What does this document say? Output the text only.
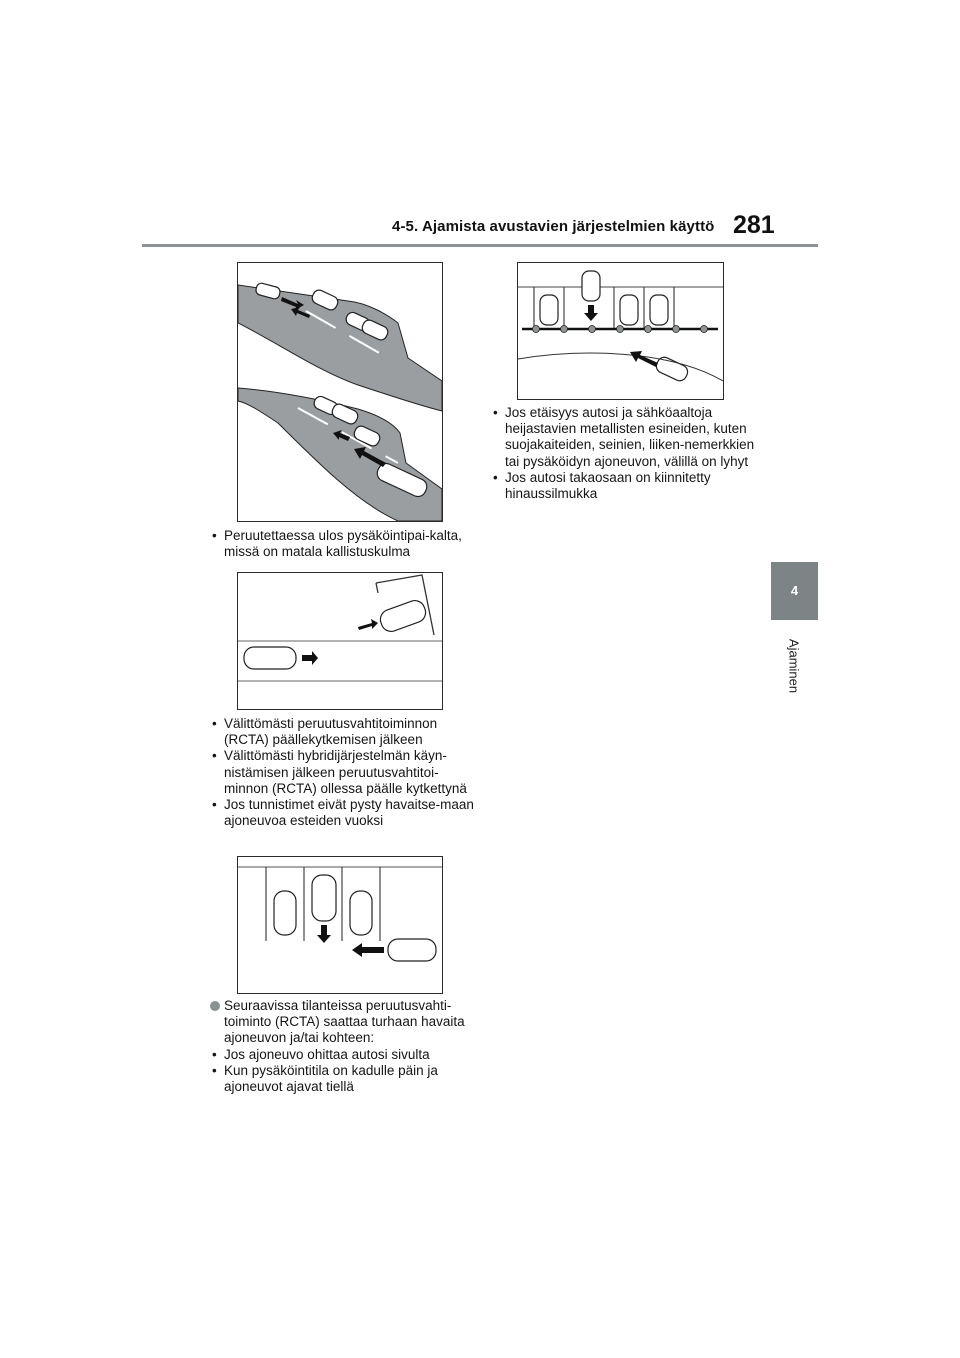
4-5. Ajamista avustavien järjestelmien käyttö 281
4
Ajaminen
• Peruutettaessa ulos pysäköintipai-kalta, missä on matala kallistuskulma
• Välittömästi peruutusvahtitoiminnon (RCTA) päällekytkemisen jälkeen
• Välittömästi hybridijärjestelmän käyn-nistämisen jälkeen peruutusvahtitoi-minnon (RCTA) ollessa päälle kytkettynä
• Jos tunnistimet eivät pysty havaitse-maan ajoneuvoa esteiden vuoksi
Seuraavissa tilanteissa peruutusvahti-toiminto (RCTA) saattaa turhaan havaita ajoneuvon ja/tai kohteen:
• Jos ajoneuvo ohittaa autosi sivulta
• Kun pysäköintitila on kadulle päin ja ajoneuvot ajavat tiellä
• Jos etäisyys autosi ja sähköaaltoja heijastavien metallisten esineiden, kuten suojakaiteiden, seinien, liiken-nemerkkien tai pysäköidyn ajoneuvon, välillä on lyhyt
• Jos autosi takaosaan on kiinnitetty hinaussilmukka
